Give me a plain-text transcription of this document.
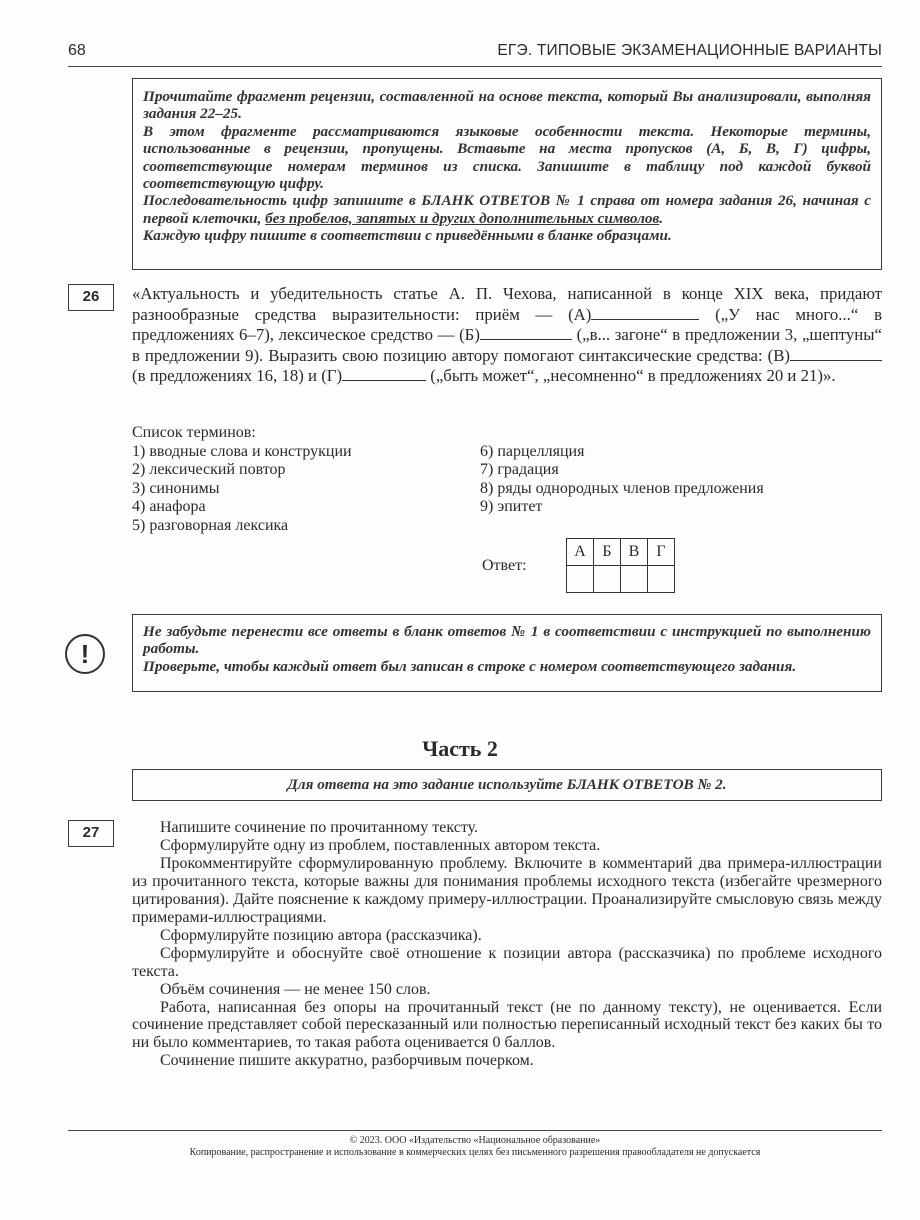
68	ЕГЭ. ТИПОВЫЕ ЭКЗАМЕНАЦИОННЫЕ ВАРИАНТЫ

Прочитайте фрагмент рецензии, составленной на основе текста, который Вы анализировали, выполняя задания 22–25.

В этом фрагменте рассматриваются языковые особенности текста. Некоторые термины, использованные в рецензии, пропущены. Вставьте на места пропусков (А, Б, В, Г) цифры, соответствующие номерам терминов из списка. Запишите в таблицу под каждой буквой соответствующую цифру.

Последовательность цифр запишите в БЛАНК ОТВЕТОВ № 1 справа от номера задания 26, начиная с первой клеточки, без пробелов, запятых и других дополнительных символов.

Каждую цифру пишите в соответствии с приведёнными в бланке образцами.

26	«Актуальность и убедительность статье А. П. Чехова, написанной в конце XIX века, придают разнообразные средства выразительности: приём — (А)	(„У нас много...“ в предложениях 6–7), лексическое средство — (Б)	(„в... загоне“ в предложении 3, „шептуны“ в предложении 9). Выразить свою позицию автору помогают синтаксические средства: (В) (в предложениях 16, 18) и (Г)	(„быть может“, „несомненно“ в предложениях 20 и 21)».

Список терминов:
1) вводные слова и конструкции
2) лексический повтор
3) синонимы
4) анафора
5) разговорная лексика
6) парцелляция
7) градация
8) ряды однородных членов предложения
9) эпитет
Ответ:
А	Б	В	Г

!

Не забудьте перенести все ответы в бланк ответов № 1 в соответствии с инструкцией по выполнению работы.

Проверьте, чтобы каждый ответ был записан в строке с номером соответствующего задания.

Часть 2
Для ответа на это задание используйте БЛАНК ОТВЕТОВ № 2.
27	Напишите сочинение по прочитанному тексту.

Сформулируйте одну из проблем, поставленных автором текста.

Прокомментируйте сформулированную проблему. Включите в комментарий два примера-иллюстрации из прочитанного текста, которые важны для понимания проблемы исходного текста (избегайте чрезмерного цитирования). Дайте пояснение к каждому примеру-иллюстрации. Проанализируйте смысловую связь между примерами-иллюстрациями.

Сформулируйте позицию автора (рассказчика).

Сформулируйте и обоснуйте своё отношение к позиции автора (рассказчика) по проблеме исходного текста.

Объём сочинения — не менее 150 слов.

Работа, написанная без опоры на прочитанный текст (не по данному тексту), не оценивается. Если сочинение представляет собой пересказанный или полностью переписанный исходный текст без каких бы то ни было комментариев, то такая работа оценивается 0 баллов.

Сочинение пишите аккуратно, разборчивым почерком.

© 2023. ООО «Издательство «Национальное образование»
Копирование, распространение и использование в коммерческих целях без письменного разрешения правообладателя не допускается
